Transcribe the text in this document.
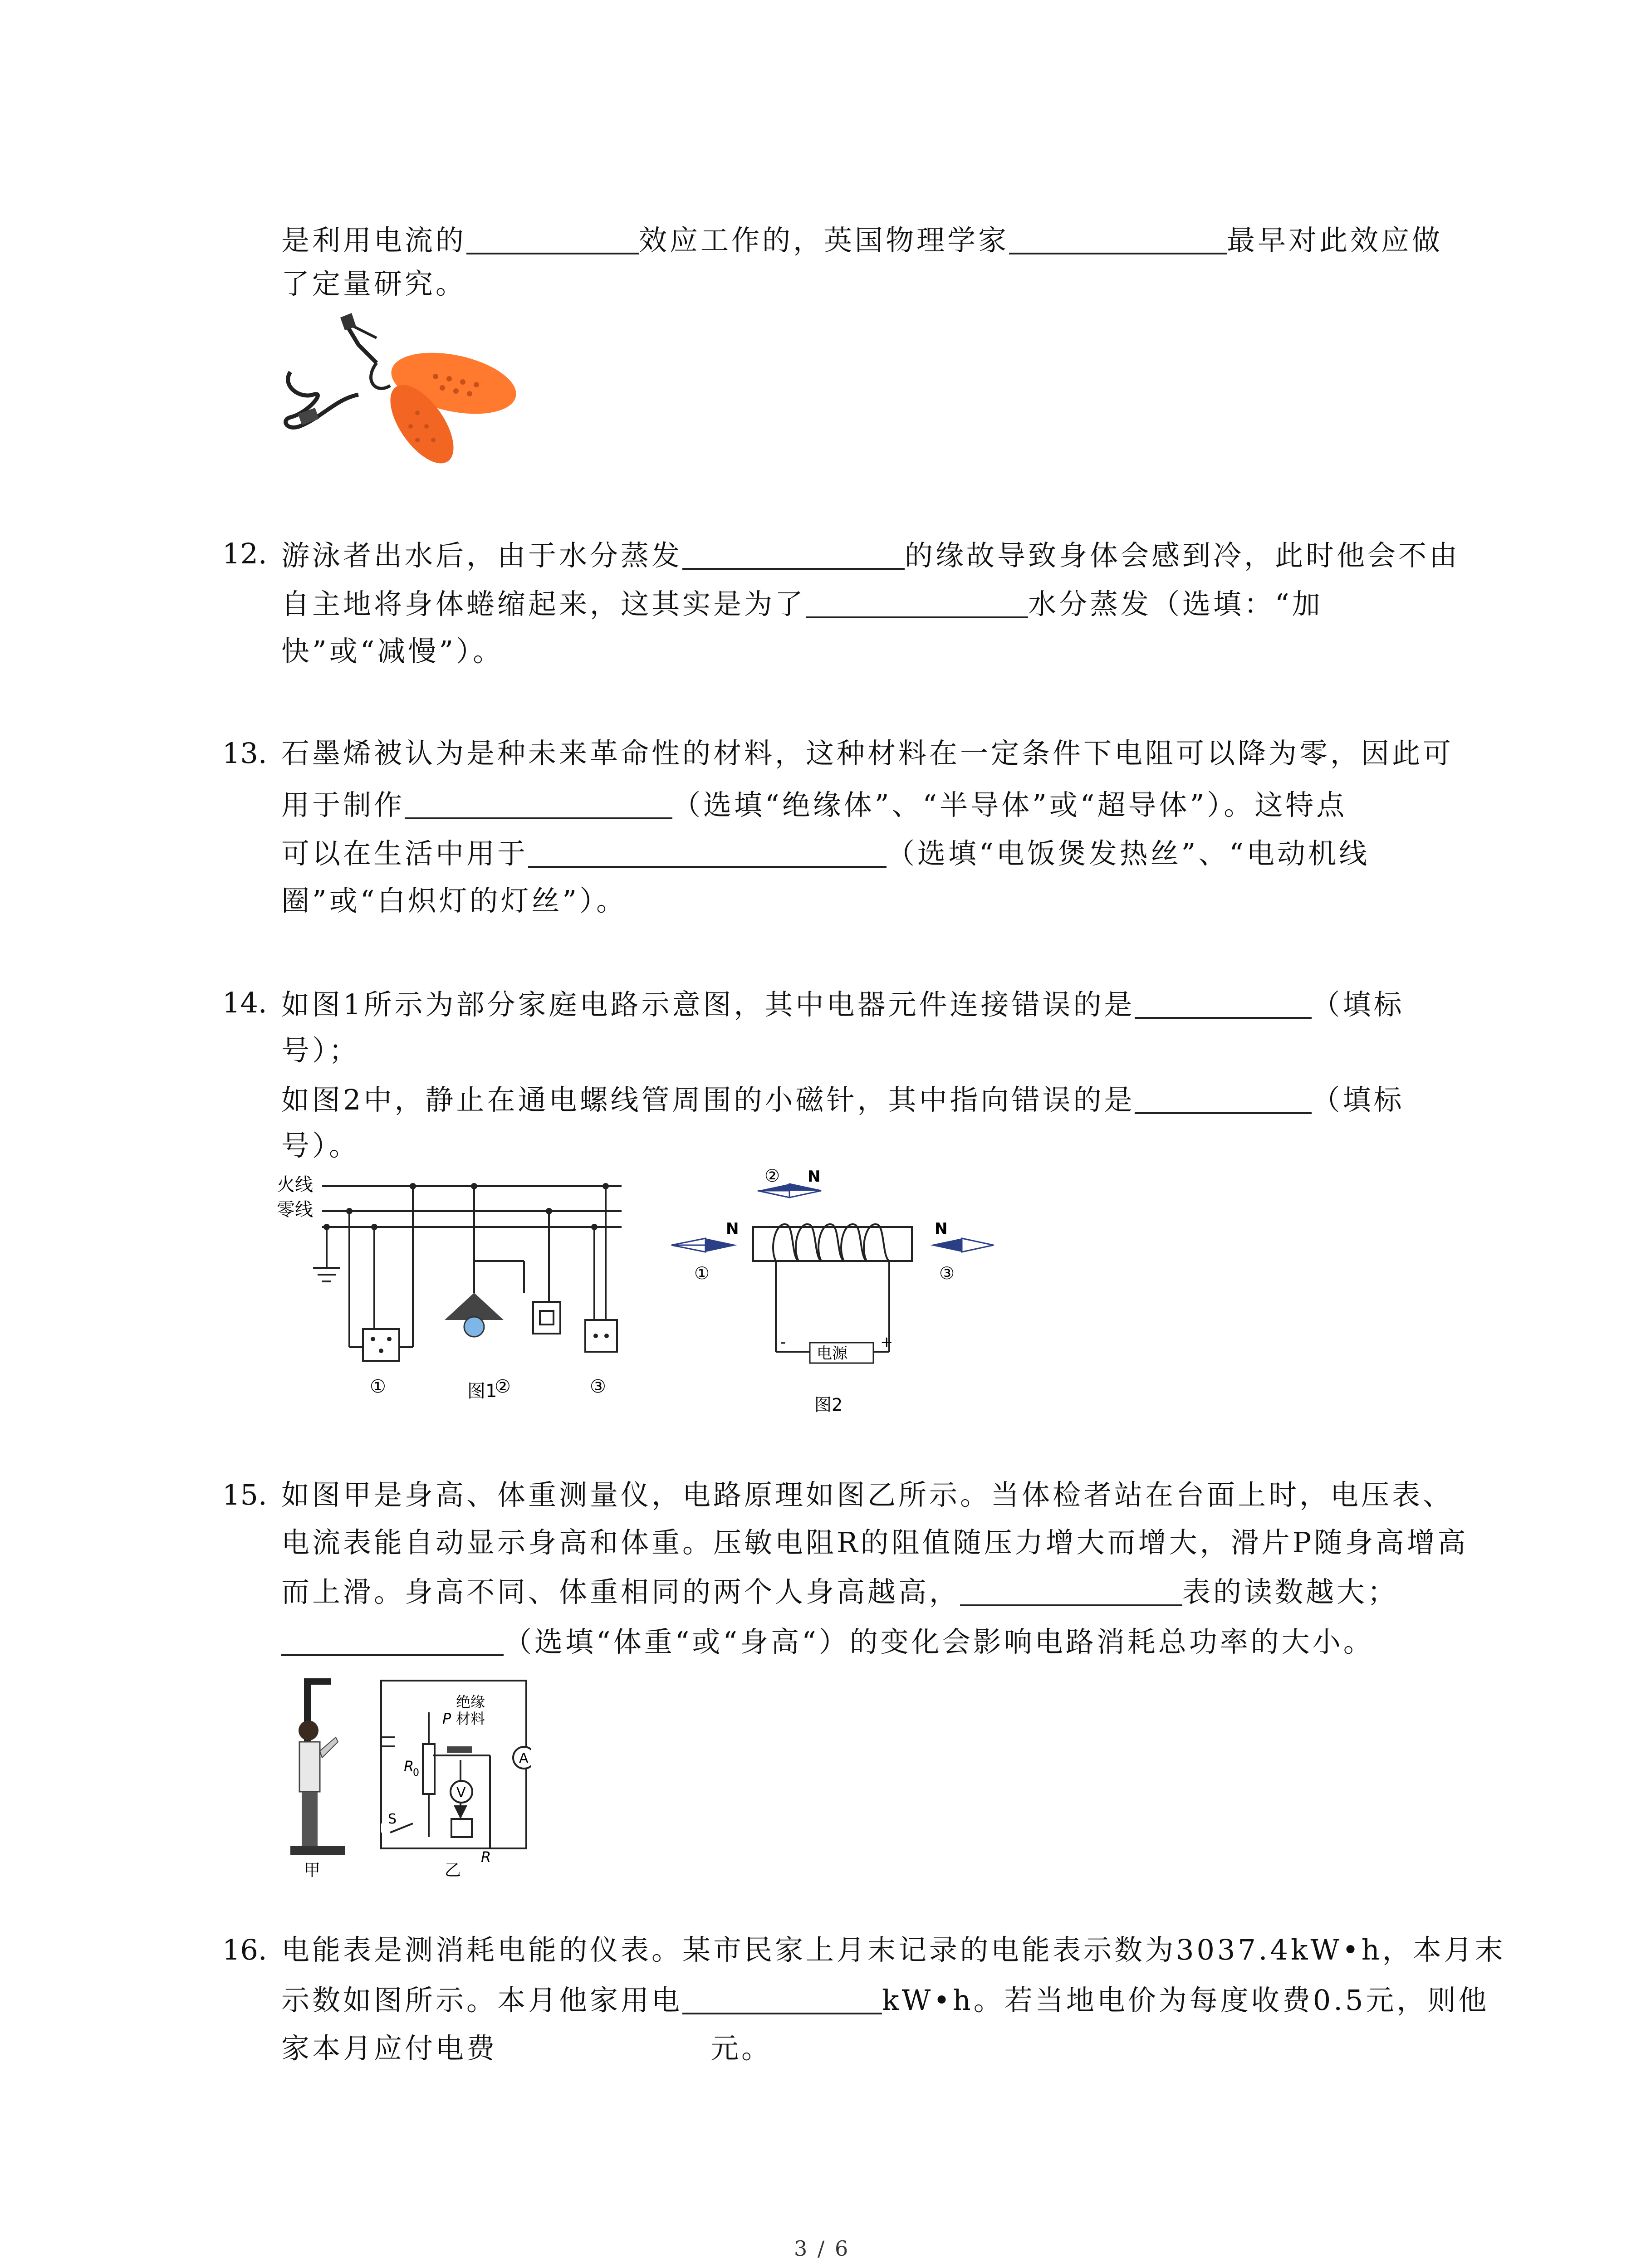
是利用电流的	效应工作的，英国物理学家	最早对此效应做
了定量研究。
12. 游泳者出水后，由于水分蒸发	的缘故导致身体会感到冷，此时他会不由
自主地将身体蜷缩起来，这其实是为了	水分蒸发（选填：“加
快”或“减慢”）。
13. 石墨烯被认为是种未来革命性的材料，这种材料在一定条件下电阻可以降为零，因此可
用于制作	（选填“绝缘体”、“半导体”或“超导体”）。这特点
可以在生活中用于	（选填“电饭煲发热丝”、“电动机线
圈”或“白炽灯的灯丝”）。
14. 如图1所示为部分家庭电路示意图，其中电器元件连接错误的是	（填标
号）；
如图2中，静止在通电螺线管周围的小磁针，其中指向错误的是	（填标
号）。
火线
零线
①	图1
②	③
N
②
电源
-	+
N
①
N
③
图2
15. 如图甲是身高、体重测量仪，电路原理如图乙所示。当体检者站在台面上时，电压表、
电流表能自动显示身高和体重。压敏电阻R的阻值随压力增大而增大，滑片P随身高增高
而上滑。身高不同、体重相同的两个人身高越高，	表的读数越大；
（选填“体重“或“身高“）的变化会影响电路消耗总功率的大小。
甲
绝缘
材料
P
R
0
V
A
S
R
乙
16. 电能表是测消耗电能的仪表。某市民家上月末记录的电能表示数为3037.4kW•h，本月末
示数如图所示。本月他家用电	kW•h。若当地电价为每度收费0.5元，则他
家本月应付电费	元。
3 / 6
